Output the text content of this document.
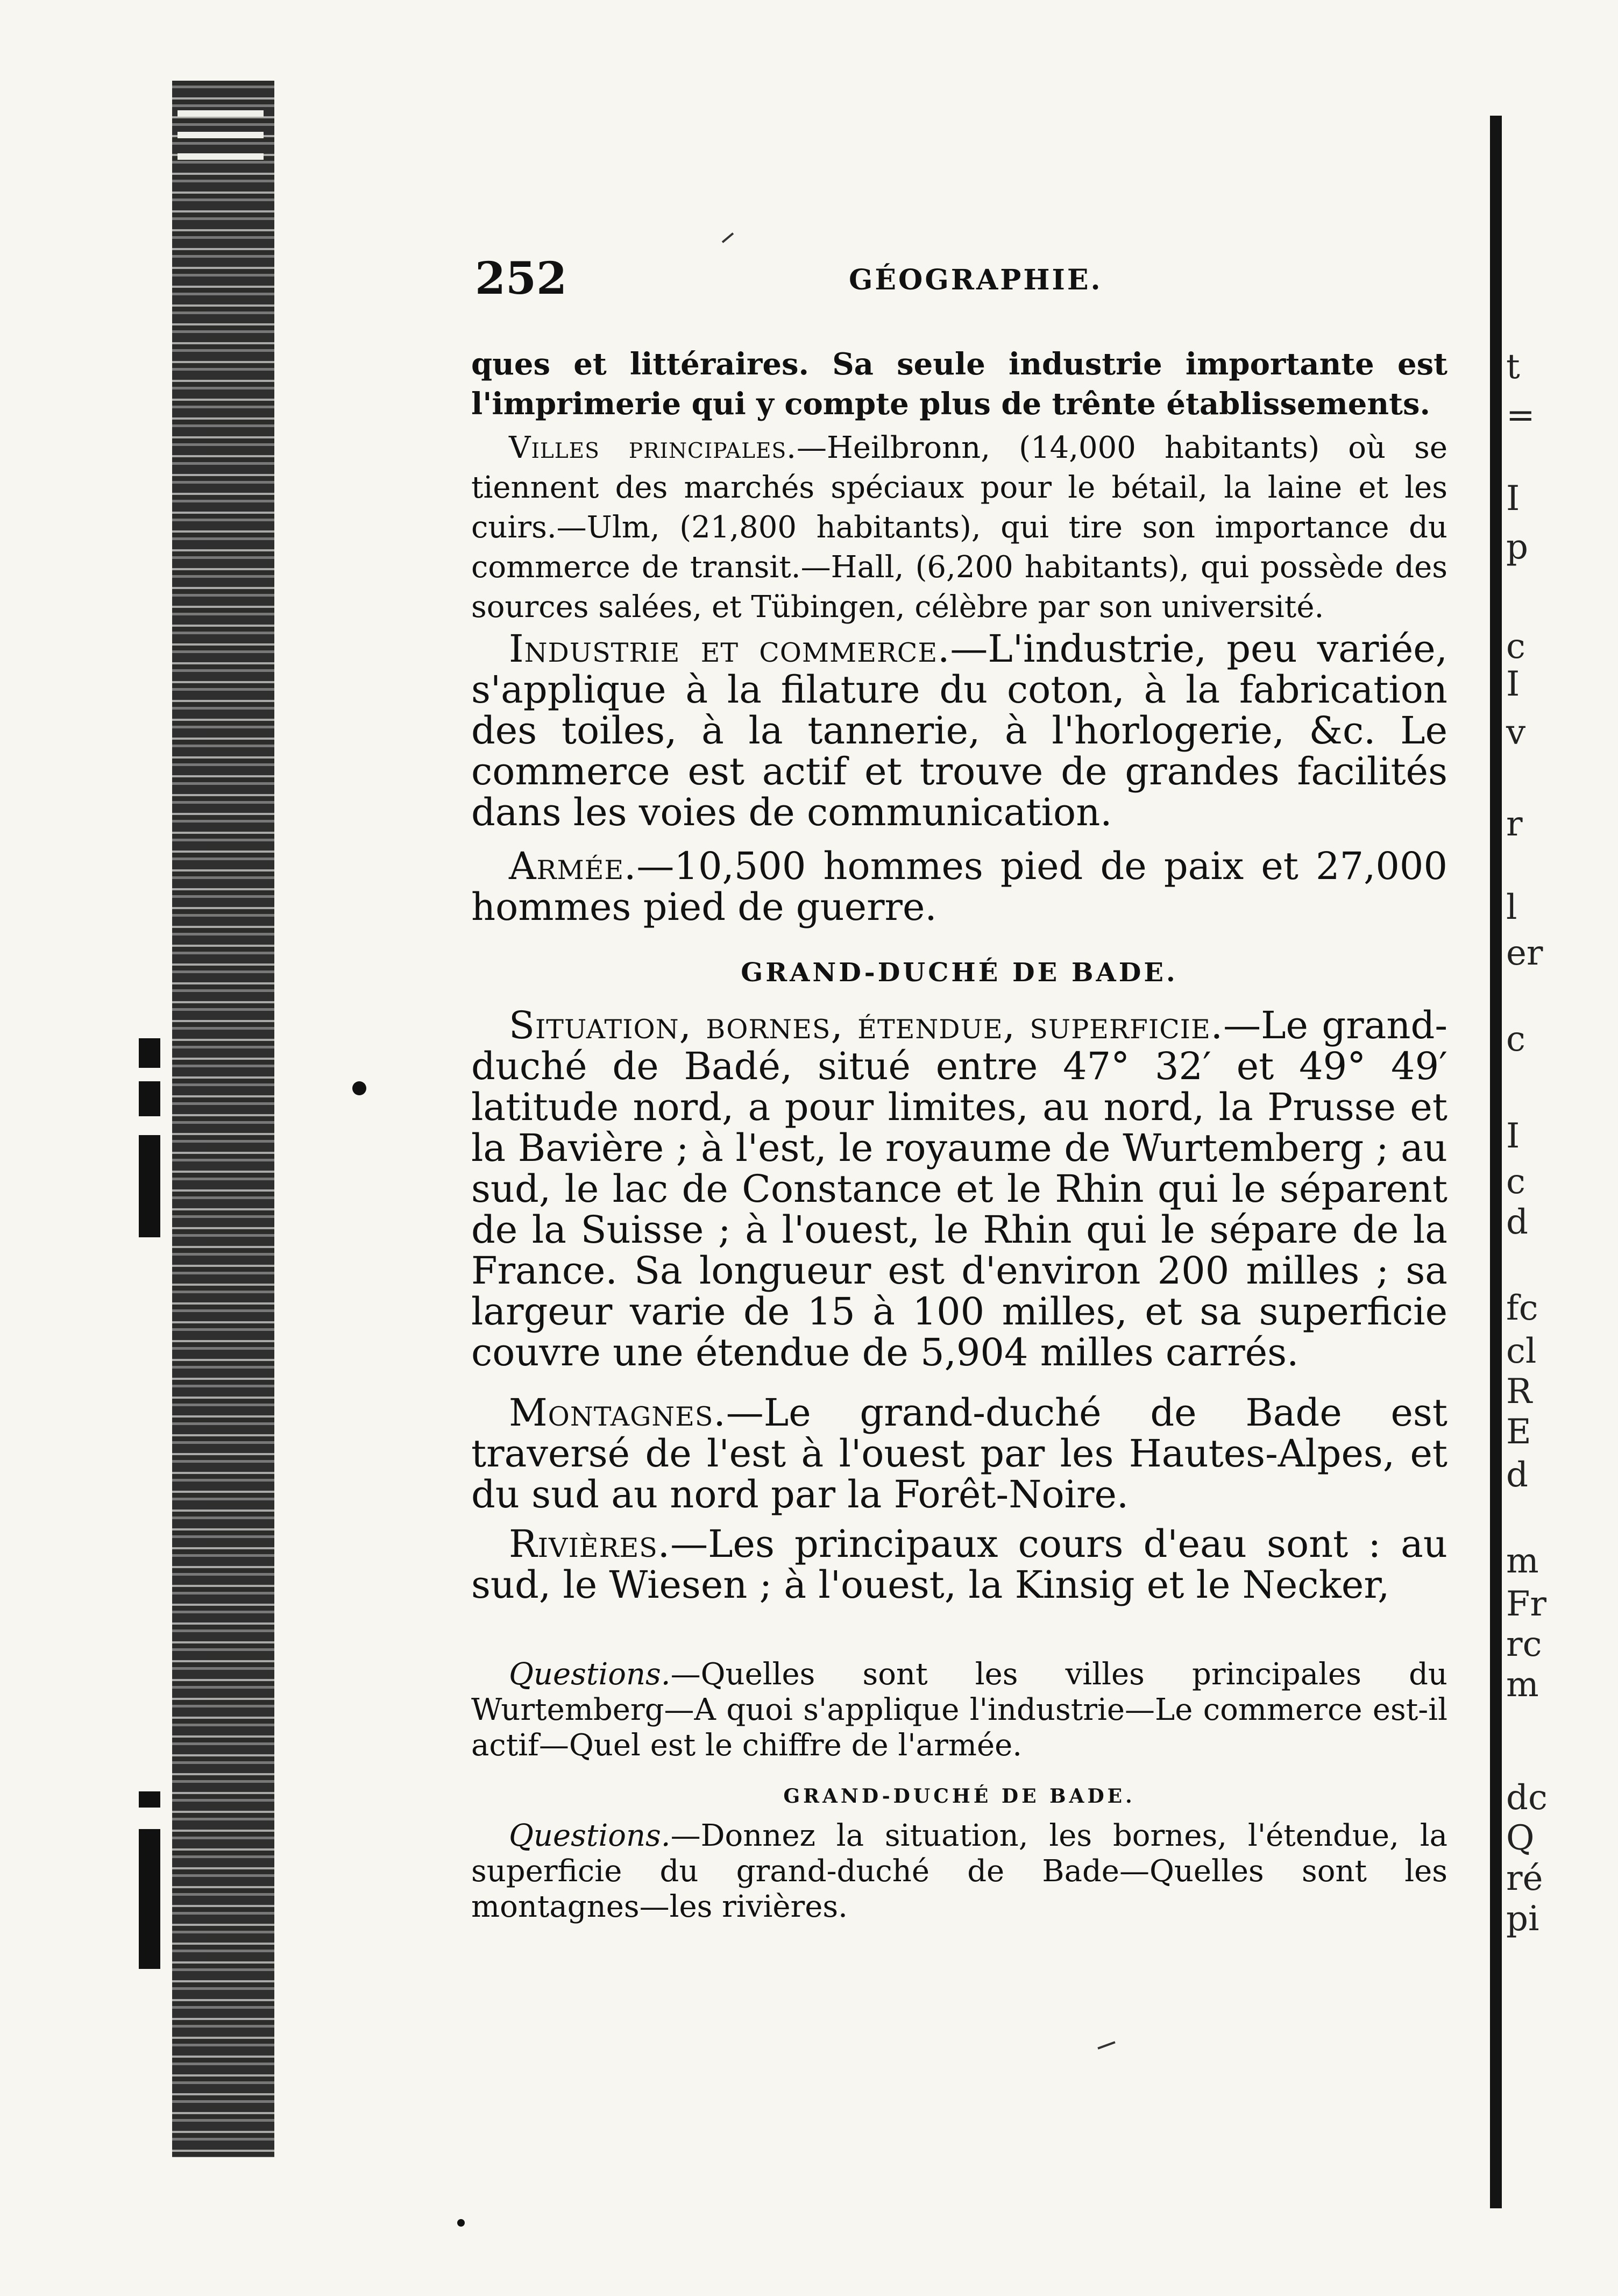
t
=
I
p
c
I
v
r
l
er
c
I
c
d
fc
cl
R
E
d
m
Fr
rc
m
dc
Q
ré
pi
252	GÉOGRAPHIE.
ques et littéraires. Sa seule industrie importante est l'imprimerie qui y compte plus de trênte établissements.
Villes principales.—Heilbronn, (14,000 habitants) où se tiennent des marchés spéciaux pour le bétail, la laine et les cuirs.—Ulm, (21,800 habitants), qui tire son importance du commerce de transit.—Hall, (6,200 habitants), qui possède des sources salées, et Tübingen, célèbre par son université.
Industrie et commerce.—L'industrie, peu variée, s'applique à la filature du coton, à la fabrication des toiles, à la tannerie, à l'horlogerie, &c. Le commerce est actif et trouve de grandes facilités dans les voies de communication.
Armée.—10,500 hommes pied de paix et 27,000 hommes pied de guerre.
GRAND-DUCHÉ DE BADE.
Situation, bornes, étendue, superficie.—Le grand-duché de Badé, situé entre 47° 32′ et 49° 49′ latitude nord, a pour limites, au nord, la Prusse et la Bavière ; à l'est, le royaume de Wurtemberg ; au sud, le lac de Constance et le Rhin qui le séparent de la Suisse ; à l'ouest, le Rhin qui le sépare de la France. Sa longueur est d'environ 200 milles ; sa largeur varie de 15 à 100 milles, et sa superficie couvre une étendue de 5,904 milles carrés.
Montagnes.—Le grand-duché de Bade est traversé de l'est à l'ouest par les Hautes-Alpes, et du sud au nord par la Forêt-Noire.
Rivières.—Les principaux cours d'eau sont : au sud, le Wiesen ; à l'ouest, la Kinsig et le Necker,
Questions.—Quelles sont les villes principales du Wurtemberg—A quoi s'applique l'industrie—Le commerce est-il actif—Quel est le chiffre de l'armée.
GRAND-DUCHÉ DE BADE.
Questions.—Donnez la situation, les bornes, l'étendue, la superficie du grand-duché de Bade—Quelles sont les montagnes—les rivières.
